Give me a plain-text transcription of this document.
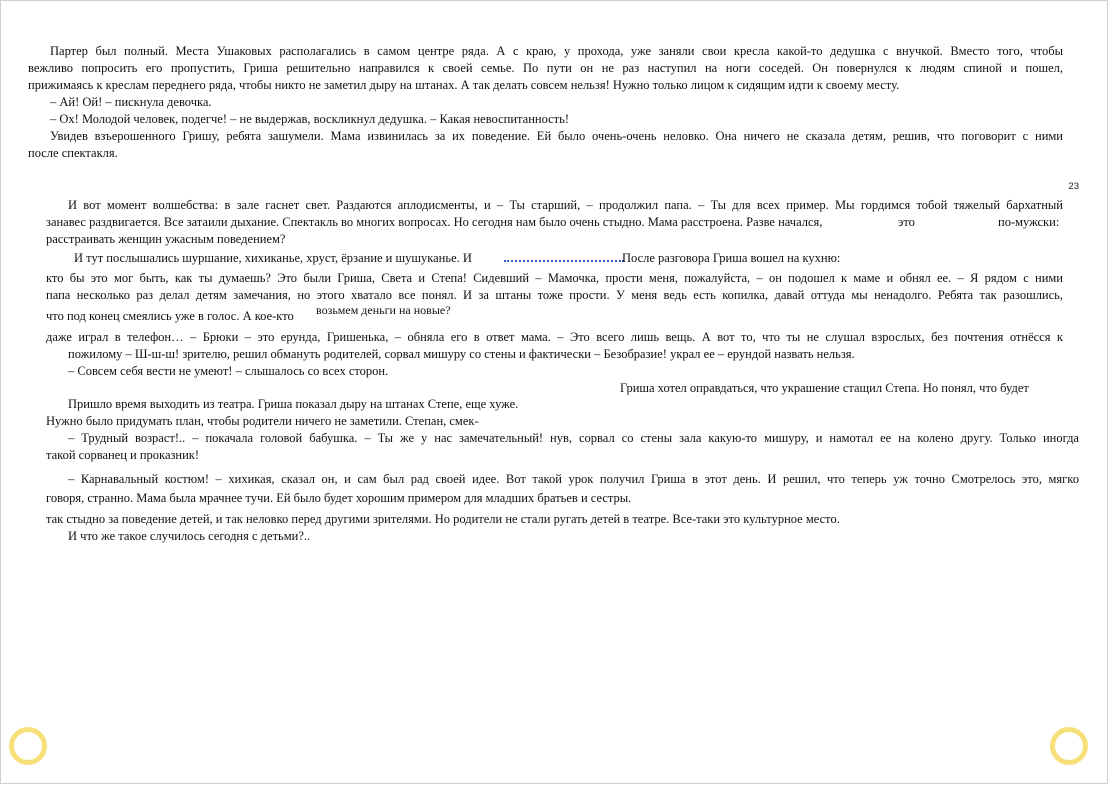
Партер был полный. Места Ушаковых располагались в самом центре ряда. А с краю, у прохода, уже заняли свои кресла какой-то дедушка с внучкой. Вместо того, чтобы
вежливо попросить его пропустить, Гриша решительно направился к своей семье. По пути он не раз наступил на ноги соседей. Он повернулся к людям спиной и пошел,
прижимаясь к креслам переднего ряда, чтобы никто не заметил дыру на штанах. А так делать совсем нельзя! Нужно только лицом к сидящим идти к своему месту.
– Ай! Ой! – пискнула девочка.
– Ох! Молодой человек, подегче! – не выдержав, воскликнул дедушка. – Какая невоспитанность!
Увидев взъерошенного Гришу, ребята зашумели. Мама извинилась за их поведение. Ей было очень-очень неловко. Она ничего не сказала детям, решив, что поговорит с ними
после спектакля.
23
И вот момент волшебства: в зале гаснет свет. Раздаются аплодисменты, и – Ты старший, – продолжил папа. – Ты для всех пример. Мы гордимся тобой тяжелый бархатный
занавес раздвигается. Все затаили дыхание. Спектакль во многих вопросах. Но сегодня нам было очень стыдно. Мама расстроена. Разве начался,	это	по-мужски:
расстраивать женщин ужасным поведением?
И тут послышались шуршание, хихиканье, хруст, ёрзание и шушуканье. И	После разговора Гриша вошел на кухню:
кто бы это мог быть, как ты думаешь? Это были Гриша, Света и Степа! Сидевший – Мамочка, прости меня, пожалуйста, – он подошел к маме и обнял ее. – Я рядом с ними
папа несколько раз делал детям замечания, но этого хватало все понял. И за штаны тоже прости. У меня ведь есть копилка, давай оттуда мы ненадолго. Ребята так разошлись,
что под конец смеялись уже в голос. А кое-кто возьмем деньги на новые?
даже играл в телефон… – Брюки – это ерунда, Гришенька, – обняла его в ответ мама. – Это всего лишь вещь. А вот то, что ты не слушал взрослых, без почтения отнёсся к
пожилому – Ш-ш-ш! зрителю, решил обмануть родителей, сорвал мишуру со стены и фактически – Безобразие! украл ее – ерундой назвать нельзя.
– Совсем себя вести не умеют! – слышалось со всех сторон.
Гриша хотел оправдаться, что украшение стащил Степа. Но понял, что будет
Пришло время выходить из театра. Гриша показал дыру на штанах Степе, еще хуже.
Нужно было придумать план, чтобы родители ничего не заметили. Степан, смек-
– Трудный возраст!.. – покачала головой бабушка. – Ты же у нас замечательный! нув, сорвал со стены зала какую-то мишуру, и намотал ее на колено другу. Только иногда
такой сорванец и проказник!
– Карнавальный костюм! – хихикая, сказал он, и сам был рад своей идее. Вот такой урок получил Гриша в этот день. И решил, что теперь уж точно Смотрелось это, мягко
говоря, странно. Мама была мрачнее тучи. Ей было будет хорошим примером для младших братьев и сестры.
так стыдно за поведение детей, и так неловко перед другими зрителями. Но родители не стали ругать детей в театре. Все-таки это культурное место.
И что же такое случилось сегодня с детьми?..
